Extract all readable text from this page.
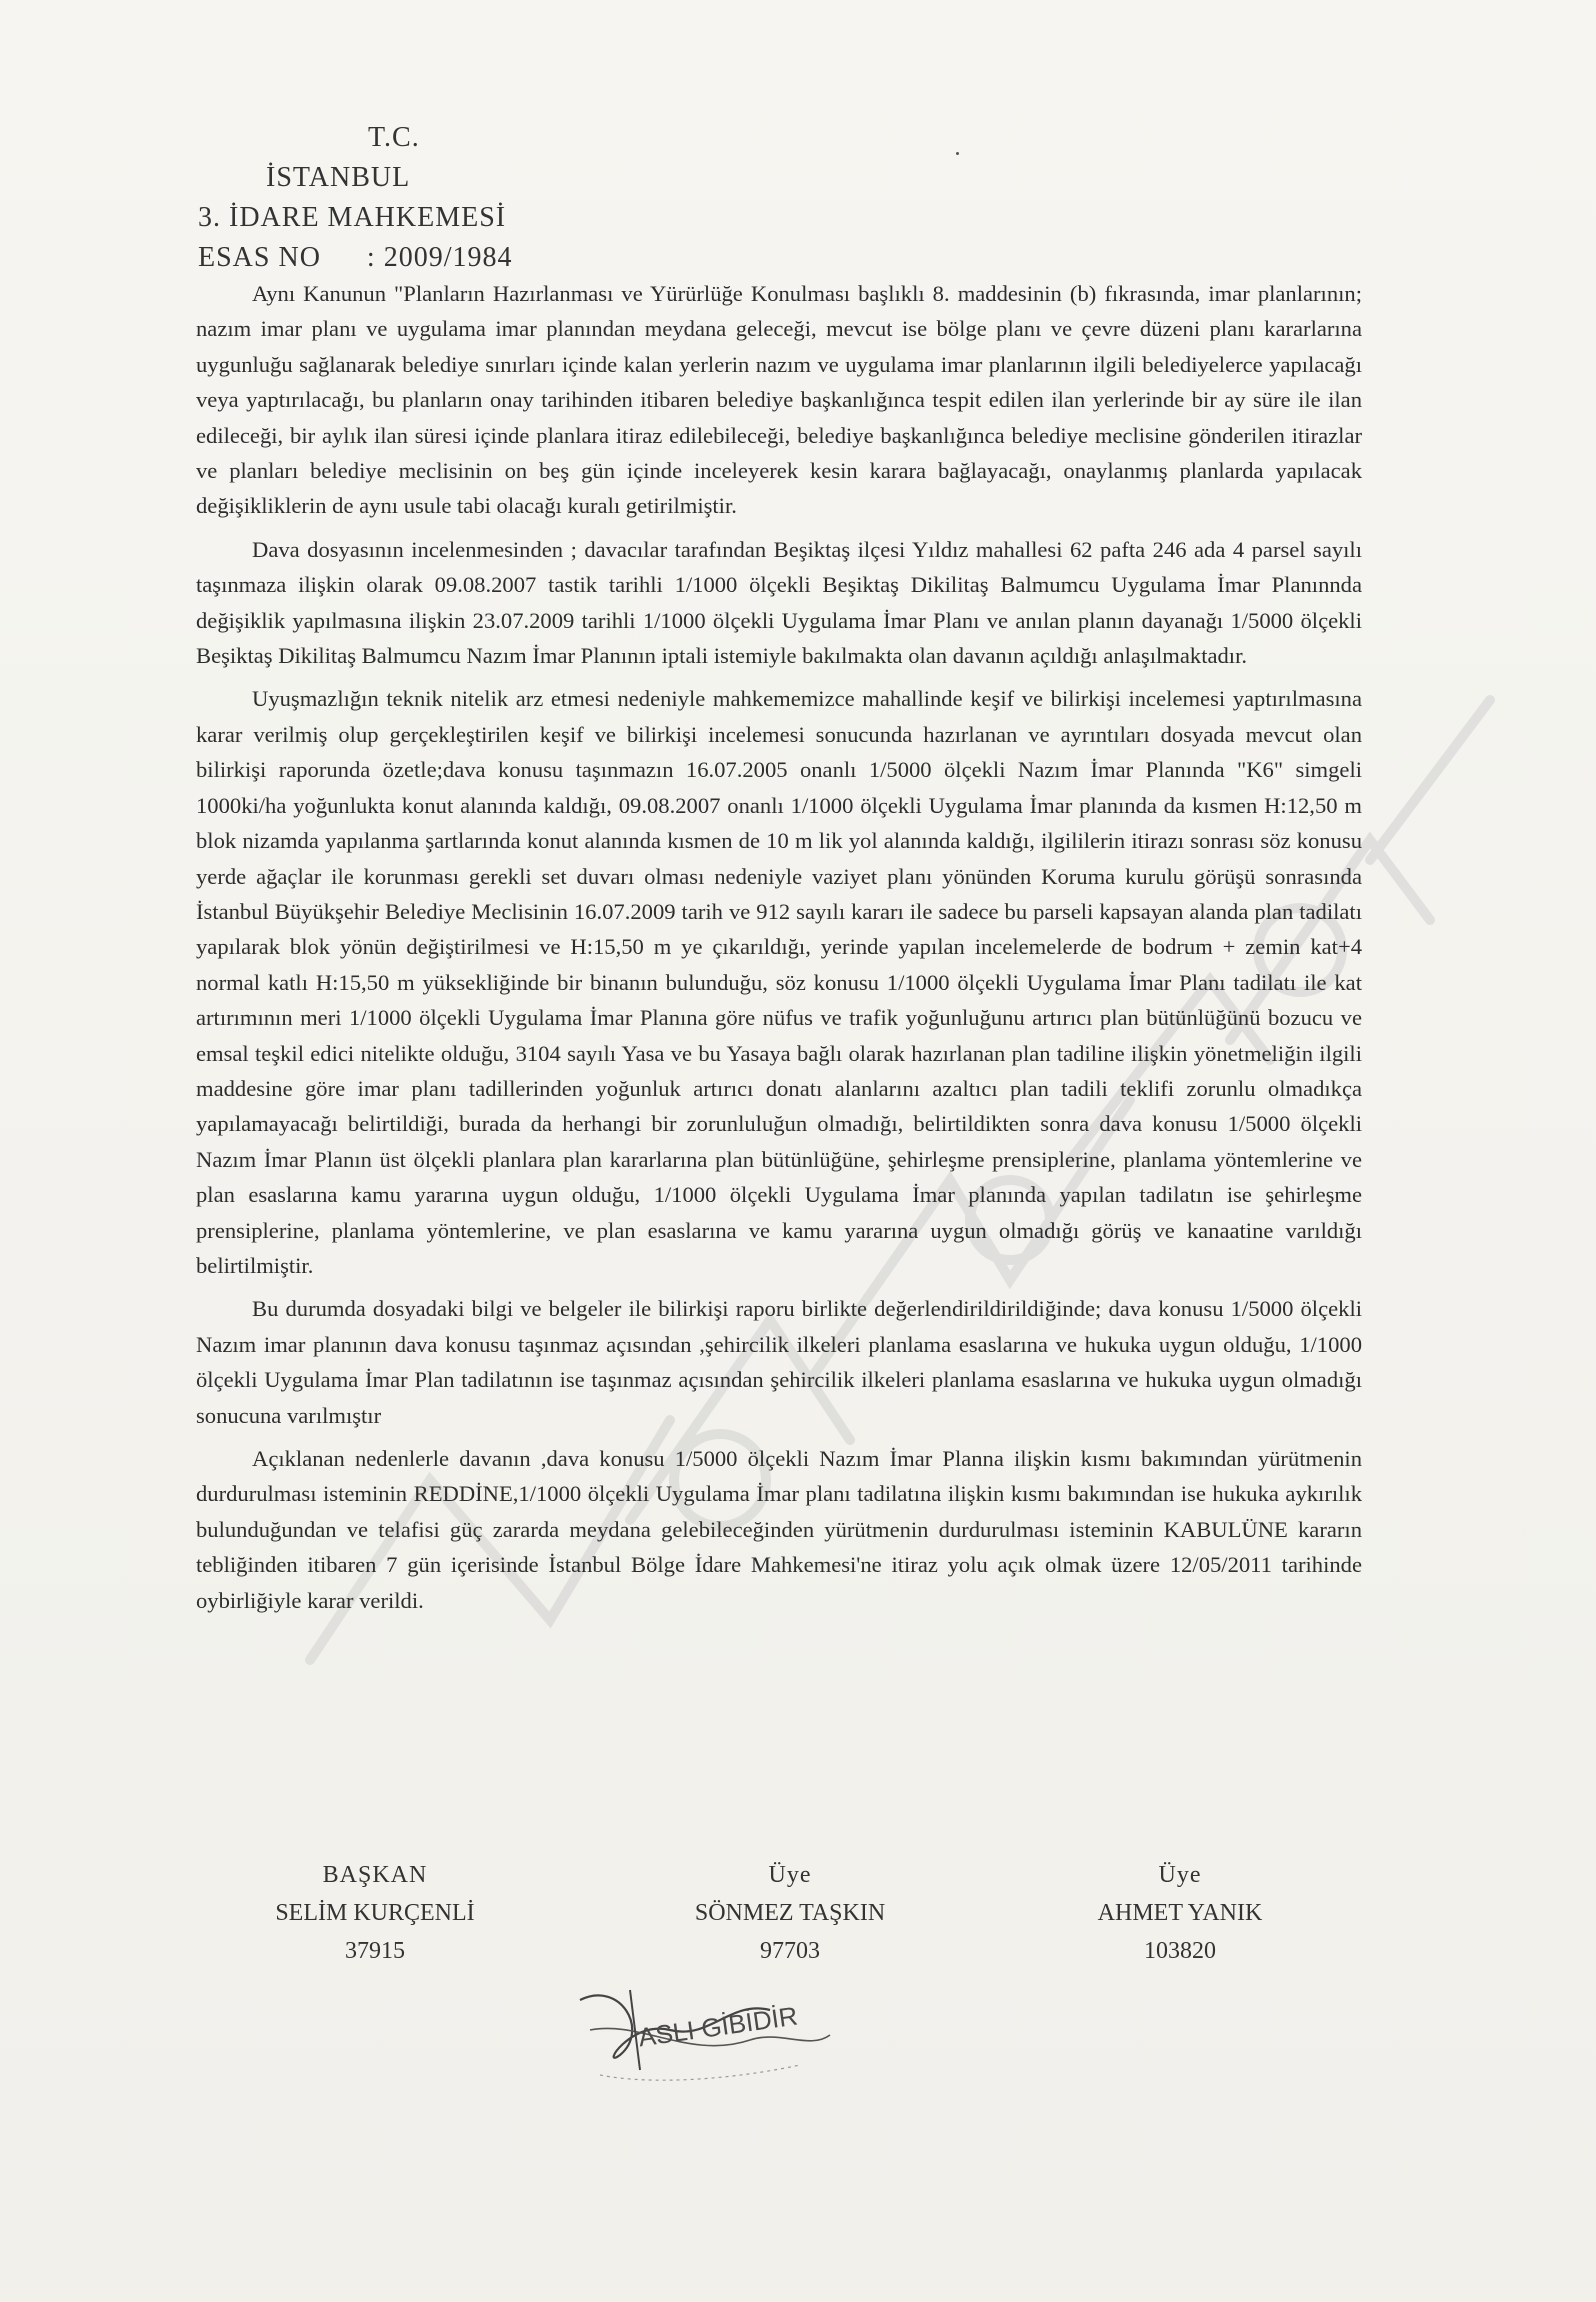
T.C.
İSTANBUL
3. İDARE MAHKEMESİ
ESAS NO : 2009/1984

Aynı Kanunun "Planların Hazırlanması ve Yürürlüğe Konulması başlıklı 8. maddesinin (b) fıkrasında, imar planlarının; nazım imar planı ve uygulama imar planından meydana geleceği, mevcut ise bölge planı ve çevre düzeni planı kararlarına uygunluğu sağlanarak belediye sınırları içinde kalan yerlerin nazım ve uygulama imar planlarının ilgili belediyelerce yapılacağı veya yaptırılacağı, bu planların onay tarihinden itibaren belediye başkanlığınca tespit edilen ilan yerlerinde bir ay süre ile ilan edileceği, bir aylık ilan süresi içinde planlara itiraz edilebileceği, belediye başkanlığınca belediye meclisine gönderilen itirazlar ve planları belediye meclisinin on beş gün içinde inceleyerek kesin karara bağlayacağı, onaylanmış planlarda yapılacak değişikliklerin de aynı usule tabi olacağı kuralı getirilmiştir.

Dava dosyasının incelenmesinden ; davacılar tarafından Beşiktaş ilçesi Yıldız mahallesi 62 pafta 246 ada 4 parsel sayılı taşınmaza ilişkin olarak 09.08.2007 tastik tarihli 1/1000 ölçekli Beşiktaş Dikilitaş Balmumcu Uygulama İmar Planınnda değişiklik yapılmasına ilişkin 23.07.2009 tarihli 1/1000 ölçekli Uygulama İmar Planı ve anılan planın dayanağı 1/5000 ölçekli Beşiktaş Dikilitaş Balmumcu Nazım İmar Planının iptali istemiyle bakılmakta olan davanın açıldığı anlaşılmaktadır.

Uyuşmazlığın teknik nitelik arz etmesi nedeniyle mahkememizce mahallinde keşif ve bilirkişi incelemesi yaptırılmasına karar verilmiş olup gerçekleştirilen keşif ve bilirkişi incelemesi sonucunda hazırlanan ve ayrıntıları dosyada mevcut olan bilirkişi raporunda özetle;dava konusu taşınmazın 16.07.2005 onanlı 1/5000 ölçekli Nazım İmar Planında "K6" simgeli 1000ki/ha yoğunlukta konut alanında kaldığı, 09.08.2007 onanlı 1/1000 ölçekli Uygulama İmar planında da kısmen H:12,50 m blok nizamda yapılanma şartlarında konut alanında kısmen de 10 m lik yol alanında kaldığı, ilgililerin itirazı sonrası söz konusu yerde ağaçlar ile korunması gerekli set duvarı olması nedeniyle vaziyet planı yönünden Koruma kurulu görüşü sonrasında İstanbul Büyükşehir Belediye Meclisinin 16.07.2009 tarih ve 912 sayılı kararı ile sadece bu parseli kapsayan alanda plan tadilatı yapılarak blok yönün değiştirilmesi ve H:15,50 m ye çıkarıldığı, yerinde yapılan incelemelerde de bodrum + zemin kat+4 normal katlı H:15,50 m yüksekliğinde bir binanın bulunduğu, söz konusu 1/1000 ölçekli Uygulama İmar Planı tadilatı ile kat artırımının meri 1/1000 ölçekli Uygulama İmar Planına göre nüfus ve trafik yoğunluğunu artırıcı plan bütünlüğünü bozucu ve emsal teşkil edici nitelikte olduğu, 3104 sayılı Yasa ve bu Yasaya bağlı olarak hazırlanan plan tadiline ilişkin yönetmeliğin ilgili maddesine göre imar planı tadillerinden yoğunluk artırıcı donatı alanlarını azaltıcı plan tadili teklifi zorunlu olmadıkça yapılamayacağı belirtildiği, burada da herhangi bir zorunluluğun olmadığı, belirtildikten sonra dava konusu 1/5000 ölçekli Nazım İmar Planın üst ölçekli planlara plan kararlarına plan bütünlüğüne, şehirleşme prensiplerine, planlama yöntemlerine ve plan esaslarına kamu yararına uygun olduğu, 1/1000 ölçekli Uygulama İmar planında yapılan tadilatın ise şehirleşme prensiplerine, planlama yöntemlerine, ve plan esaslarına ve kamu yararına uygun olmadığı görüş ve kanaatine varıldığı belirtilmiştir.

Bu durumda dosyadaki bilgi ve belgeler ile bilirkişi raporu birlikte değerlendirildirildiğinde; dava konusu 1/5000 ölçekli Nazım imar planının dava konusu taşınmaz açısından ,şehircilik ilkeleri planlama esaslarına ve hukuka uygun olduğu, 1/1000 ölçekli Uygulama İmar Plan tadilatının ise taşınmaz açısından şehircilik ilkeleri planlama esaslarına ve hukuka uygun olmadığı sonucuna varılmıştır

Açıklanan nedenlerle davanın ,dava konusu 1/5000 ölçekli Nazım İmar Planna ilişkin kısmı bakımından yürütmenin durdurulması isteminin REDDİNE,1/1000 ölçekli Uygulama İmar planı tadilatına ilişkin kısmı bakımından ise hukuka aykırılık bulunduğundan ve telafisi güç zararda meydana gelebileceğinden yürütmenin durdurulması isteminin KABULÜNE kararın tebliğinden itibaren 7 gün içerisinde İstanbul Bölge İdare Mahkemesi'ne itiraz yolu açık olmak üzere 12/05/2011 tarihinde oybirliğiyle karar verildi.

BAŞKAN
SELİM KURÇENLİ
37915
Üye
SÖNMEZ TAŞKIN
97703
Üye
AHMET YANIK
103820
ASLI GİBİDİR
